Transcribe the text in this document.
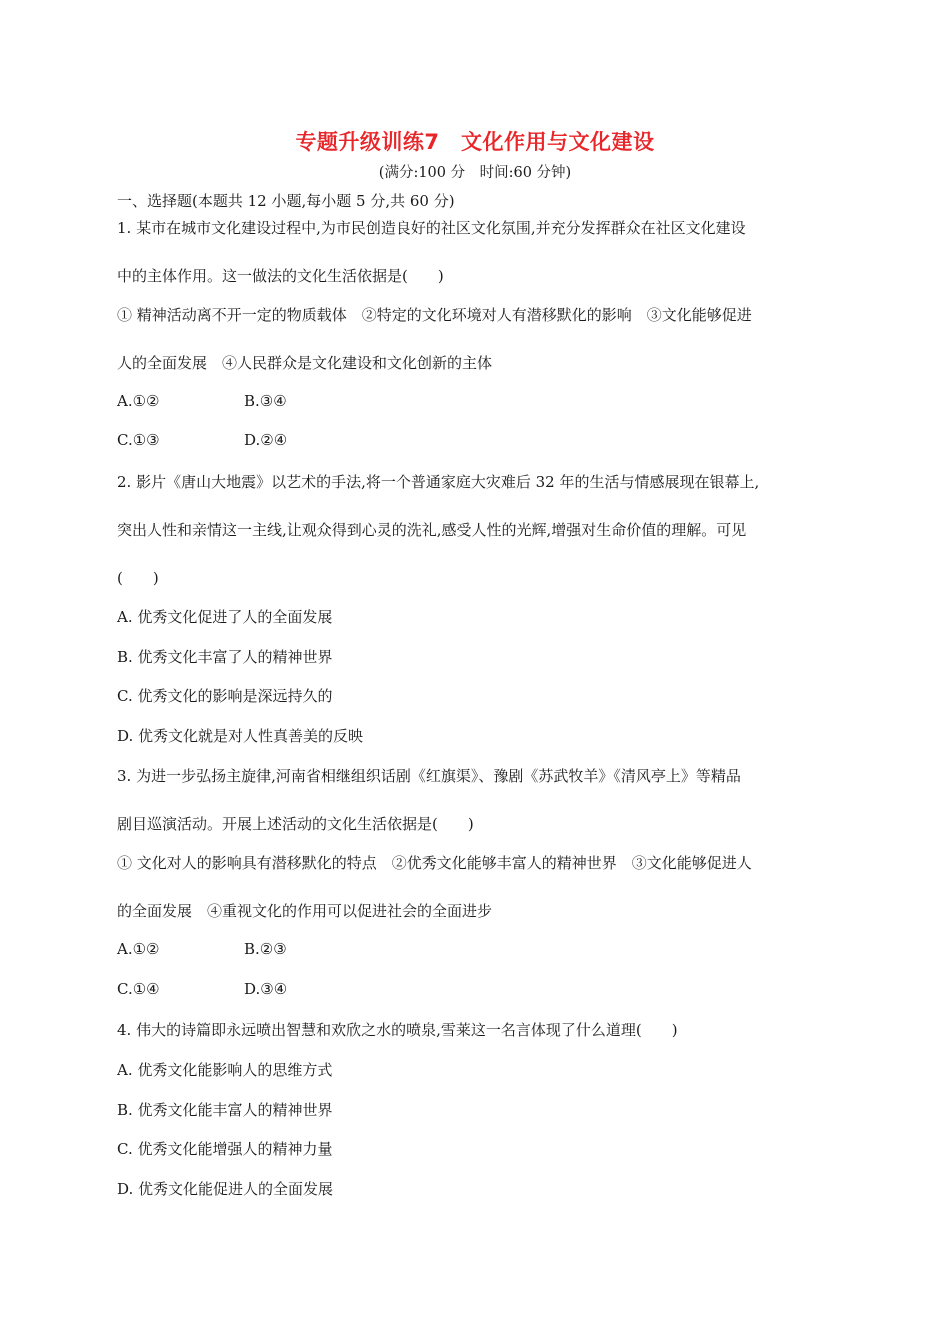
专题升级训练7　文化作用与文化建设
(满分:100 分　时间:60 分钟)
一、选择题(本题共 12 小题,每小题 5 分,共 60 分)
1. 某市在城市文化建设过程中,为市民创造良好的社区文化氛围,并充分发挥群众在社区文化建设
中的主体作用。这一做法的文化生活依据是(　　)
① 精神活动离不开一定的物质载体　②特定的文化环境对人有潜移默化的影响　③文化能够促进
人的全面发展　④人民群众是文化建设和文化创新的主体
A.①②	B.③④
C.①③	D.②④
2. 影片《唐山大地震》以艺术的手法,将一个普通家庭大灾难后 32 年的生活与情感展现在银幕上,
突出人性和亲情这一主线,让观众得到心灵的洗礼,感受人性的光辉,增强对生命价值的理解。可见
(　　)
A. 优秀文化促进了人的全面发展
B. 优秀文化丰富了人的精神世界
C. 优秀文化的影响是深远持久的
D. 优秀文化就是对人性真善美的反映
3. 为进一步弘扬主旋律,河南省相继组织话剧《红旗渠》、豫剧《苏武牧羊》《清风亭上》等精品
剧目巡演活动。开展上述活动的文化生活依据是(　　)
① 文化对人的影响具有潜移默化的特点　②优秀文化能够丰富人的精神世界　③文化能够促进人
的全面发展　④重视文化的作用可以促进社会的全面进步
A.①②	B.②③
C.①④	D.③④
4. 伟大的诗篇即永远喷出智慧和欢欣之水的喷泉,雪莱这一名言体现了什么道理(　　)
A. 优秀文化能影响人的思维方式
B. 优秀文化能丰富人的精神世界
C. 优秀文化能增强人的精神力量
D. 优秀文化能促进人的全面发展
